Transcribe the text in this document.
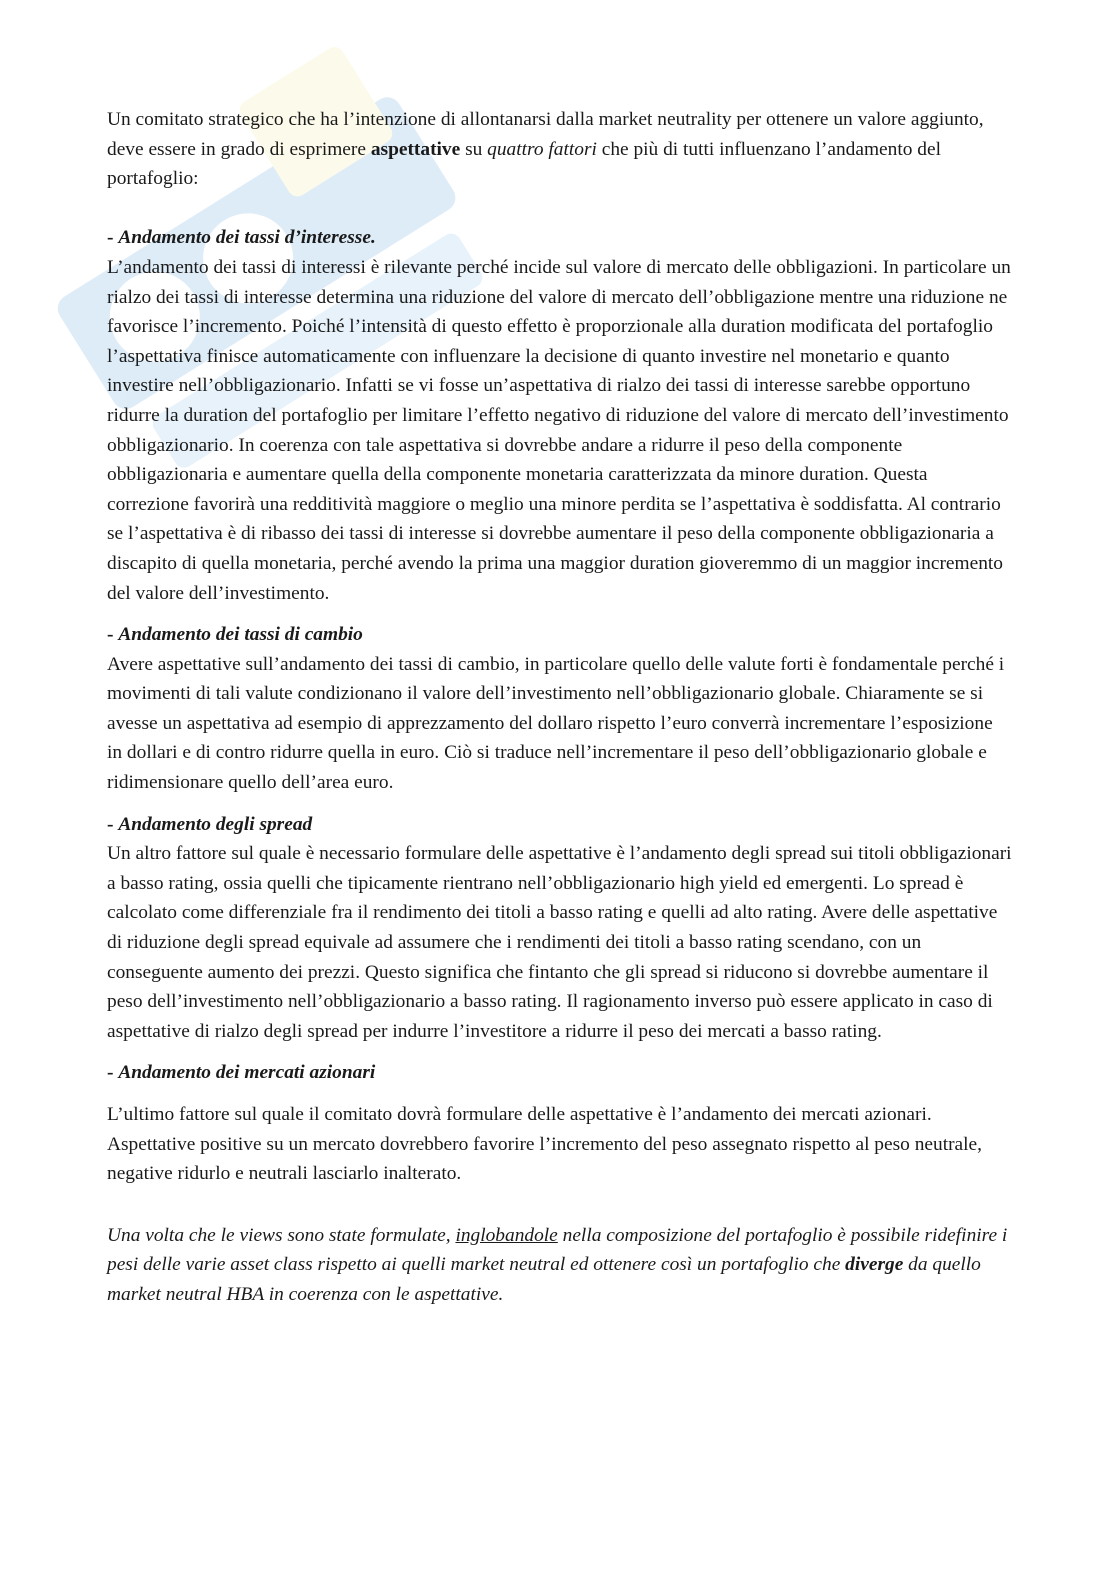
Un comitato strategico che ha l’intenzione di allontanarsi dalla market neutrality per ottenere un valore aggiunto, deve essere in grado di esprimere aspettative su quattro fattori che più di tutti influenzano l’andamento del portafoglio:

- Andamento dei tassi d’interesse.

L’andamento dei tassi di interessi è rilevante perché incide sul valore di mercato delle obbligazioni. In particolare un rialzo dei tassi di interesse determina una riduzione del valore di mercato dell’obbligazione mentre una riduzione ne favorisce l’incremento. Poiché l’intensità di questo effetto è proporzionale alla duration modificata del portafoglio l’aspettativa finisce automaticamente con influenzare la decisione di quanto investire nel monetario e quanto investire nell’obbligazionario. Infatti se vi fosse un’aspettativa di rialzo dei tassi di interesse sarebbe opportuno ridurre la duration del portafoglio per limitare l’effetto negativo di riduzione del valore di mercato dell’investimento obbligazionario. In coerenza con tale aspettativa si dovrebbe andare a ridurre il peso della componente obbligazionaria e aumentare quella della componente monetaria caratterizzata da minore duration. Questa correzione favorirà una redditività maggiore o meglio una minore perdita se l’aspettativa è soddisfatta. Al contrario se l’aspettativa è di ribasso dei tassi di interesse si dovrebbe aumentare il peso della componente obbligazionaria a discapito di quella monetaria, perché avendo la prima una maggior duration gioveremmo di un maggior incremento del valore dell’investimento.

- Andamento dei tassi di cambio

Avere aspettative sull’andamento dei tassi di cambio, in particolare quello delle valute forti è fondamentale perché i movimenti di tali valute condizionano il valore dell’investimento nell’obbligazionario globale. Chiaramente se si avesse un aspettativa ad esempio di apprezzamento del dollaro rispetto l’euro converrà incrementare l’esposizione in dollari e di contro ridurre quella in euro. Ciò si traduce nell’incrementare il peso dell’obbligazionario globale e ridimensionare quello dell’area euro.

- Andamento degli spread

Un altro fattore sul quale è necessario formulare delle aspettative è l’andamento degli spread sui titoli obbligazionari a basso rating, ossia quelli che tipicamente rientrano nell’obbligazionario high yield ed emergenti. Lo spread è calcolato come differenziale fra il rendimento dei titoli a basso rating e quelli ad alto rating. Avere delle aspettative di riduzione degli spread equivale ad assumere che i rendimenti dei titoli a basso rating scendano, con un conseguente aumento dei prezzi. Questo significa che fintanto che gli spread si riducono si dovrebbe aumentare il peso dell’investimento nell’obbligazionario a basso rating. Il ragionamento inverso può essere applicato in caso di aspettative di rialzo degli spread per indurre l’investitore a ridurre il peso dei mercati a basso rating.

- Andamento dei mercati azionari

L’ultimo fattore sul quale il comitato dovrà formulare delle aspettative è l’andamento dei mercati azionari. Aspettative positive su un mercato dovrebbero favorire l’incremento del peso assegnato rispetto al peso neutrale, negative ridurlo e neutrali lasciarlo inalterato.

Una volta che le views sono state formulate, inglobandole nella composizione del portafoglio è possibile ridefinire i pesi delle varie asset class rispetto ai quelli market neutral ed ottenere così un portafoglio che diverge da quello market neutral HBA in coerenza con le aspettative.
